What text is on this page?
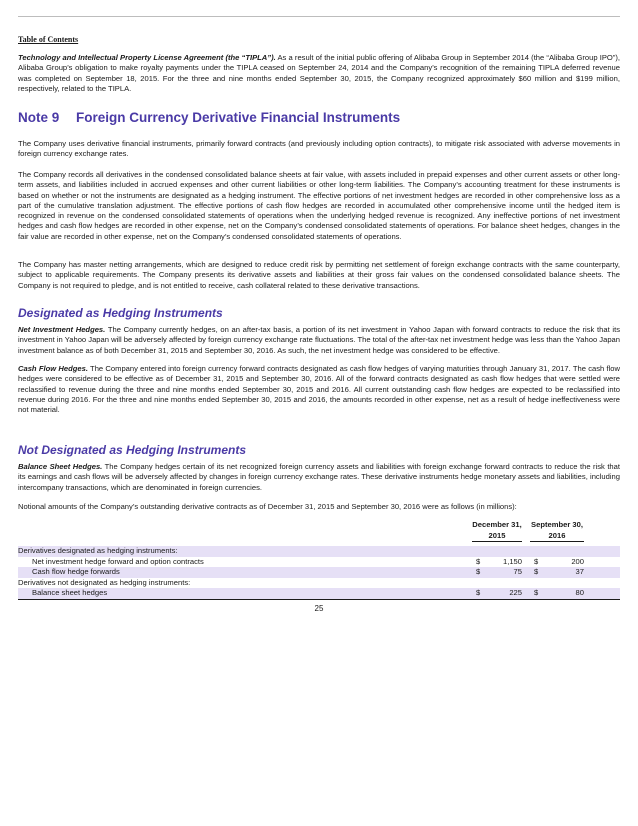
Table of Contents

Technology and Intellectual Property License Agreement (the “TIPLA”). As a result of the initial public offering of Alibaba Group in September 2014 (the “Alibaba Group IPO”), Alibaba Group’s obligation to make royalty payments under the TIPLA ceased on September 24, 2014 and the Company’s recognition of the remaining TIPLA deferred revenue was completed on September 18, 2015. For the three and nine months ended September 30, 2015, the Company recognized approximately $60 million and $199 million, respectively, related to the TIPLA.

Note 9 Foreign Currency Derivative Financial Instruments

The Company uses derivative financial instruments, primarily forward contracts (and previously including option contracts), to mitigate risk associated with adverse movements in foreign currency exchange rates.

The Company records all derivatives in the condensed consolidated balance sheets at fair value, with assets included in prepaid expenses and other current assets or other long-term assets, and liabilities included in accrued expenses and other current liabilities or other long-term liabilities. The Company’s accounting treatment for these instruments is based on whether or not the instruments are designated as a hedging instrument. The effective portions of net investment hedges are recorded in other comprehensive loss as a part of the cumulative translation adjustment. The effective portions of cash flow hedges are recorded in accumulated other comprehensive income until the hedged item is recognized in revenue on the condensed consolidated statements of operations when the underlying hedged revenue is recognized. Any ineffective portions of net investment hedges and cash flow hedges are recorded in other expense, net on the Company’s condensed consolidated statements of operations. For balance sheet hedges, changes in the fair value are recorded in other expense, net on the Company’s condensed consolidated statements of operations.

The Company has master netting arrangements, which are designed to reduce credit risk by permitting net settlement of foreign exchange contracts with the same counterparty, subject to applicable requirements. The Company presents its derivative assets and liabilities at their gross fair values on the condensed consolidated balance sheets. The Company is not required to pledge, and is not entitled to receive, cash collateral related to these derivative transactions.

Designated as Hedging Instruments

Net Investment Hedges. The Company currently hedges, on an after-tax basis, a portion of its net investment in Yahoo Japan with forward contracts to reduce the risk that its investment in Yahoo Japan will be adversely affected by foreign currency exchange rate fluctuations. The total of the after-tax net investment hedge was less than the Yahoo Japan investment balance as of both December 31, 2015 and September 30, 2016. As such, the net investment hedge was considered to be effective.

Cash Flow Hedges. The Company entered into foreign currency forward contracts designated as cash flow hedges of varying maturities through January 31, 2017. The cash flow hedges were considered to be effective as of December 31, 2015 and September 30, 2016. All of the forward contracts designated as cash flow hedges that were settled were reclassified to revenue during the three and nine months ended September 30, 2015 and 2016. All current outstanding cash flow hedges are expected to be reclassified into revenue during 2016. For the three and nine months ended September 30, 2015 and 2016, the amounts recorded in other expense, net as a result of hedge ineffectiveness were not material.

Not Designated as Hedging Instruments

Balance Sheet Hedges. The Company hedges certain of its net recognized foreign currency assets and liabilities with foreign exchange forward contracts to reduce the risk that its earnings and cash flows will be adversely affected by changes in foreign currency exchange rates. These derivative instruments hedge monetary assets and liabilities, including intercompany transactions, which are denominated in foreign currencies.

Notional amounts of the Company’s outstanding derivative contracts as of December 31, 2015 and September 30, 2016 were as follows (in millions):

	December 31,
2015			September 30,
2016		

Derivatives designated as hedging instruments:						
Net investment hedge forward and option contracts	$	1,150		$	200	
Cash flow hedge forwards	$	75		$	37	
Derivatives not designated as hedging instruments:						
Balance sheet hedges	$	225		$	80	
25
